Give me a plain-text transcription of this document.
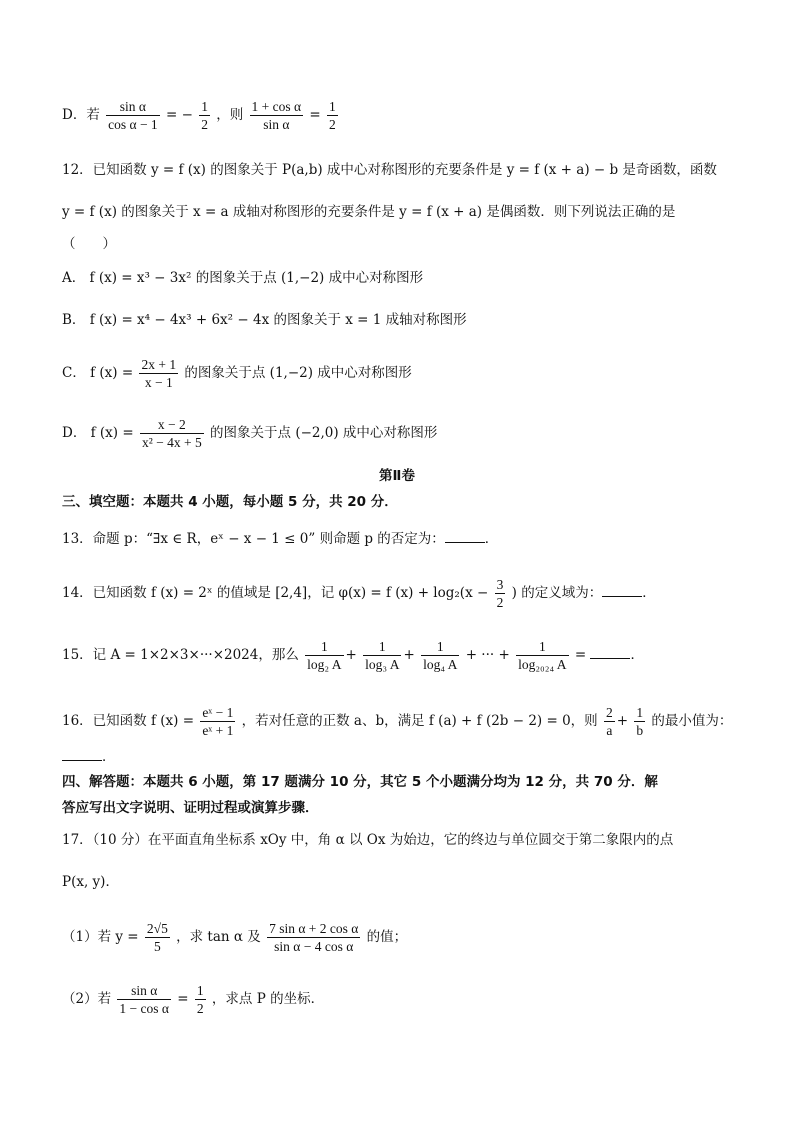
D．若 $\frac{\text{sin α}}{\text{cos α − 1}}$ = − $\frac{1}{2}$ ，则 $\frac{\text{1 + cos α}}{\text{sin α}} = \frac{1}{2}$
12．已知函数 y = f (x) 的图象关于 P(a,b) 成中心对称图形的充要条件是 y = f (x + a) − b 是奇函数，函数
y = f (x) 的图象关于 x = a 成轴对称图形的充要条件是 y = f (x + a) 是偶函数．则下列说法正确的是
（　　）
A． f (x) = x³ − 3x² 的图象关于点 (1,−2) 成中心对称图形
B． f (x) = x⁴ − 4x³ + 6x² − 4x 的图象关于 x = 1 成轴对称图形
C． f $(x) = \frac{2x + 1}{x - 1}$ 的图象关于点 (1,−2) 成中心对称图形
D． f $(x) = \frac{x - 2}{\text{x² − 4x + 5}}$ 的图象关于点 (−2,0) 成中心对称图形
第Ⅱ卷
三、填空题：本题共 4 小题，每小题 5 分，共 20 分．
13．命题 p：“∃x ∈ R，eˣ − x − 1 ≤ 0” 则命题 p 的否定为：	．
14．已知函数 f (x) = 2ˣ 的值域是 [2,4]，记 φ(x) = f $(x) + \log_2(x - \frac{3}{2}$ ) 的定义域为：	．
15．记 A = 1×2×3×···×2024，那么 $\frac{1}{\text{log₂ A}} + \frac{1}{\text{log₃ A}} + \frac{1}{\text{log₄ A}}$ + ··· + $\frac{1}{\text{log₂₀₂₄ A}}$ =	．
16．已知函数 f $(x) = \frac{\text{eˣ − 1}}{\text{eˣ + 1}}$ ，若对任意的正数 a、b，满足 f (a) + f (2b − 2) = 0，则 $\frac{2}{a} + \frac{1}{b}$ 的最小值为：
．
四、解答题：本题共 6 小题，第 17 题满分 10 分，其它 5 个小题满分均为 12 分，共 70 分．解
答应写出文字说明、证明过程或演算步骤．
17．（10 分）在平面直角坐标系 xOy 中，角 α 以 Ox 为始边，它的终边与单位圆交于第二象限内的点
P(x, y)．
（1）若 $y = \frac{2√5}{5}$ ，求 tan α 及 $\frac{\text{7 sin α + 2 cos α}}{\text{sin α − 4 cos α}}$ 的值；
（2）若 $\frac{\text{sin α}}{\text{1 − cos α}} = \frac{1}{2}$ ，求点 P 的坐标．
